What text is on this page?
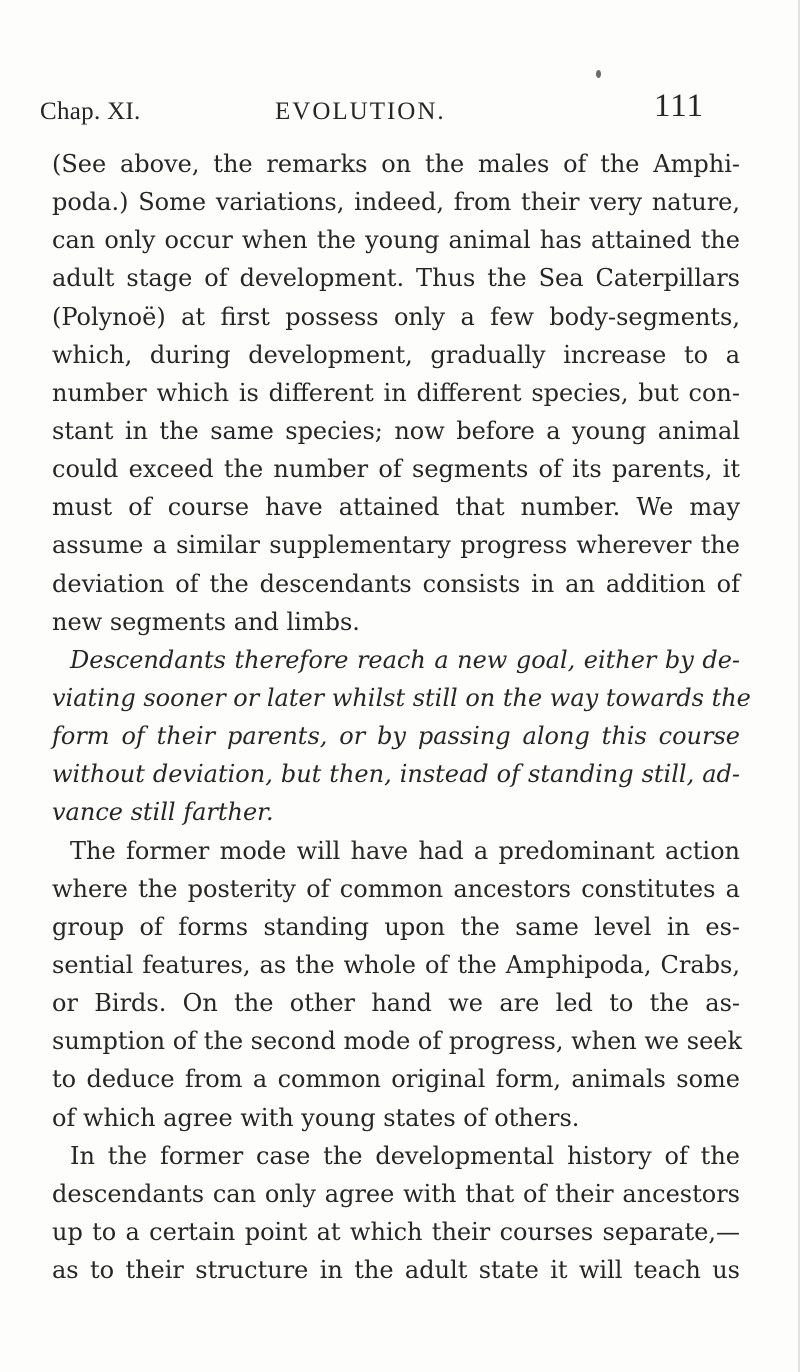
Chap. XI.	EVOLUTION.	111
(See above, the remarks on the males of the Amphi-
poda.) Some variations, indeed, from their very nature,
can only occur when the young animal has attained the
adult stage of development. Thus the Sea Caterpillars
(Polynoë) at first possess only a few body-segments,
which, during development, gradually increase to a
number which is different in different species, but con-
stant in the same species; now before a young animal
could exceed the number of segments of its parents, it
must of course have attained that number. We may
assume a similar supplementary progress wherever the
deviation of the descendants consists in an addition of
new segments and limbs.
Descendants therefore reach a new goal, either by de-
viating sooner or later whilst still on the way towards the
form of their parents, or by passing along this course
without deviation, but then, instead of standing still, ad-
vance still farther.
The former mode will have had a predominant action
where the posterity of common ancestors constitutes a
group of forms standing upon the same level in es-
sential features, as the whole of the Amphipoda, Crabs,
or Birds. On the other hand we are led to the as-
sumption of the second mode of progress, when we seek
to deduce from a common original form, animals some
of which agree with young states of others.
In the former case the developmental history of the
descendants can only agree with that of their ancestors
up to a certain point at which their courses separate,—
as to their structure in the adult state it will teach us
